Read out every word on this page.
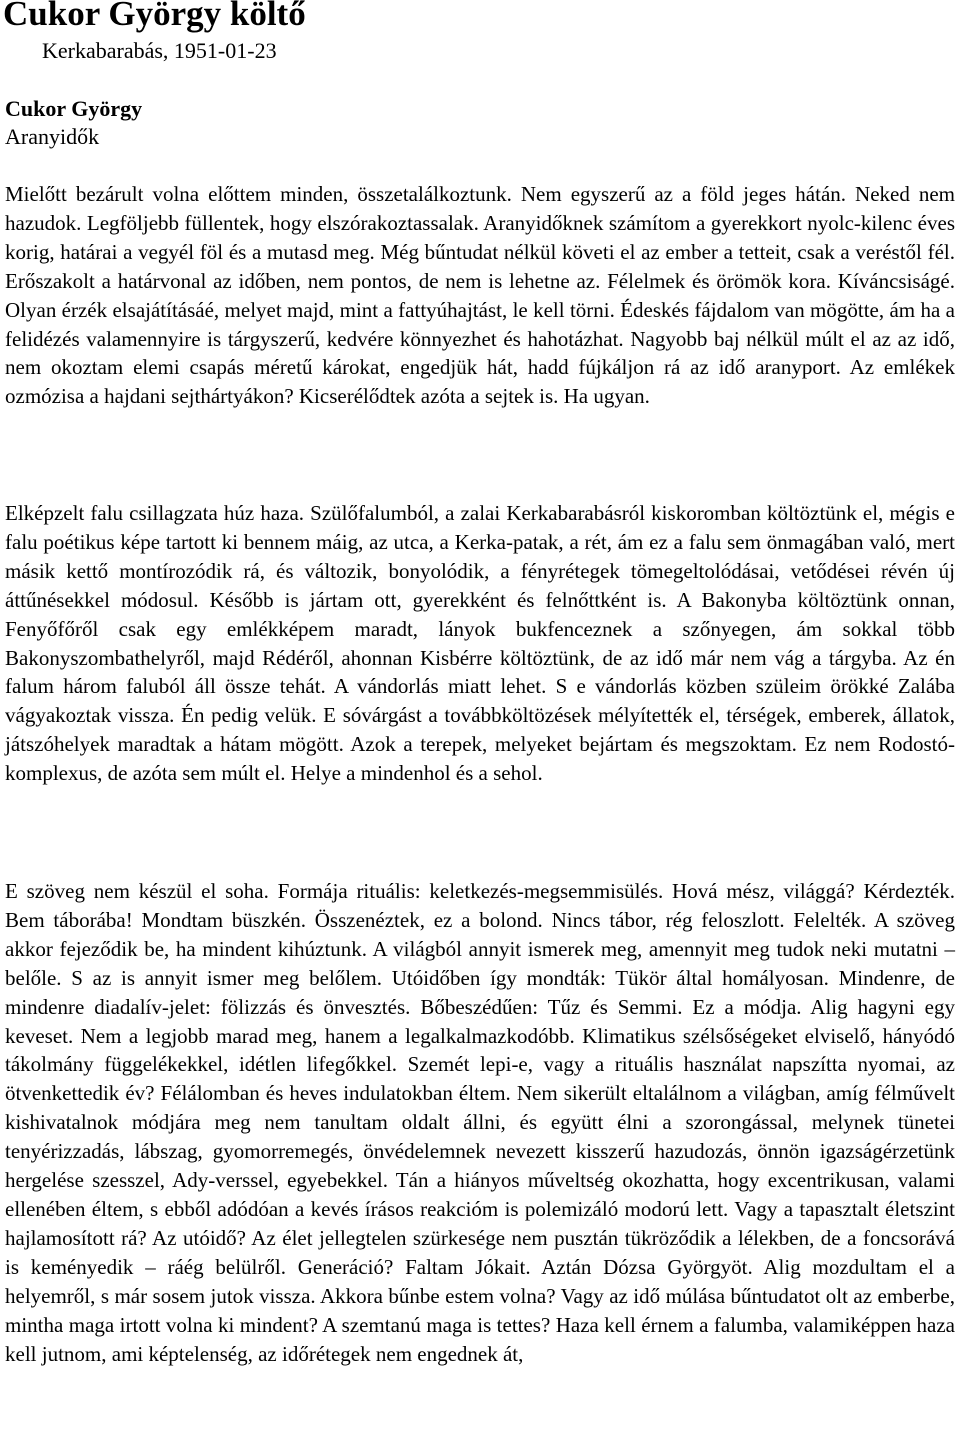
Cukor György költő
Kerkabarabás, 1951-01-23
Cukor György
Aranyidők

Mielőtt bezárult volna előttem minden, összetalálkoztunk. Nem egyszerű az a föld jeges hátán. Neked nem hazudok. Legföljebb füllentek, hogy elszórakoztassalak. Aranyidőknek számítom a gyerekkort nyolc-kilenc éves korig, határai a vegyél föl és a mutasd meg. Még bűntudat nélkül követi el az ember a tetteit, csak a veréstől fél. Erőszakolt a határvonal az időben, nem pontos, de nem is lehetne az. Félelmek és örömök kora. Kíváncsiságé. Olyan érzék elsajátításáé, melyet majd, mint a fattyúhajtást, le kell törni. Édeskés fájdalom van mögötte, ám ha a felidézés valamennyire is tárgyszerű, kedvére könnyezhet és hahotázhat. Nagyobb baj nélkül múlt el az az idő, nem okoztam elemi csapás méretű károkat, engedjük hát, hadd fújkáljon rá az idő aranyport. Az emlékek ozmózisa a hajdani sejthártyákon? Kicserélődtek azóta a sejtek is. Ha ugyan.

Elképzelt falu csillagzata húz haza. Szülőfalumból, a zalai Kerkabarabásról kiskoromban költöztünk el, mégis e falu poétikus képe tartott ki bennem máig, az utca, a Kerka-patak, a rét, ám ez a falu sem önmagában való, mert másik kettő montírozódik rá, és változik, bonyolódik, a fényrétegek tömegeltolódásai, vetődései révén új áttűnésekkel módosul. Később is jártam ott, gyerekként és felnőttként is. A Bakonyba költöztünk onnan, Fenyőfőről csak egy emlékképem maradt, lányok bukfenceznek a szőnyegen, ám sokkal több Bakonyszombathelyről, majd Rédéről, ahonnan Kisbérre költöztünk, de az idő már nem vág a tárgyba. Az én falum három faluból áll össze tehát. A vándorlás miatt lehet. S e vándorlás közben szüleim örökké Zalába vágyakoztak vissza. Én pedig velük. E sóvárgást a továbbköltözések mélyítették el, térségek, emberek, állatok, játszóhelyek maradtak a hátam mögött. Azok a terepek, melyeket bejártam és megszoktam. Ez nem Rodostó-komplexus, de azóta sem múlt el. Helye a mindenhol és a sehol.

E szöveg nem készül el soha. Formája rituális: keletkezés-megsemmisülés. Hová mész, világgá? Kérdezték. Bem táborába! Mondtam büszkén. Összenéztek, ez a bolond. Nincs tábor, rég feloszlott. Felelték. A szöveg akkor fejeződik be, ha mindent kihúztunk. A világból annyit ismerek meg, amennyit meg tudok neki mutatni – belőle. S az is annyit ismer meg belőlem. Utóidőben így mondták: Tükör által homályosan. Mindenre, de mindenre diadalív-jelet: fölizzás és önvesztés. Bőbeszédűen: Tűz és Semmi. Ez a módja. Alig hagyni egy keveset. Nem a legjobb marad meg, hanem a legalkalmazkodóbb. Klimatikus szélsőségeket elviselő, hányódó tákolmány függelékekkel, idétlen lifegőkkel. Szemét lepi-e, vagy a rituális használat napszítta nyomai, az ötvenkettedik év? Félálomban és heves indulatokban éltem. Nem sikerült eltalálnom a világban, amíg félművelt kishivatalnok módjára meg nem tanultam oldalt állni, és együtt élni a szorongással, melynek tünetei tenyérizzadás, lábszag, gyomorremegés, önvédelemnek nevezett kisszerű hazudozás, önnön igazságérzetünk hergelése szesszel, Ady-verssel, egyebekkel. Tán a hiányos műveltség okozhatta, hogy excentrikusan, valami ellenében éltem, s ebből adódóan a kevés írásos reakcióm is polemizáló modorú lett. Vagy a tapasztalt életszint hajlamosított rá? Az utóidő? Az élet jellegtelen szürkesége nem pusztán tükröződik a lélekben, de a foncsorává is keményedik – ráég belülről. Generáció? Faltam Jókait. Aztán Dózsa Györgyöt. Alig mozdultam el a helyemről, s már sosem jutok vissza. Akkora bűnbe estem volna? Vagy az idő múlása bűntudatot olt az emberbe, mintha maga irtott volna ki mindent? A szemtanú maga is tettes? Haza kell érnem a falumba, valamiképpen haza kell jutnom, ami képtelenség, az időrétegek nem engednek át,
